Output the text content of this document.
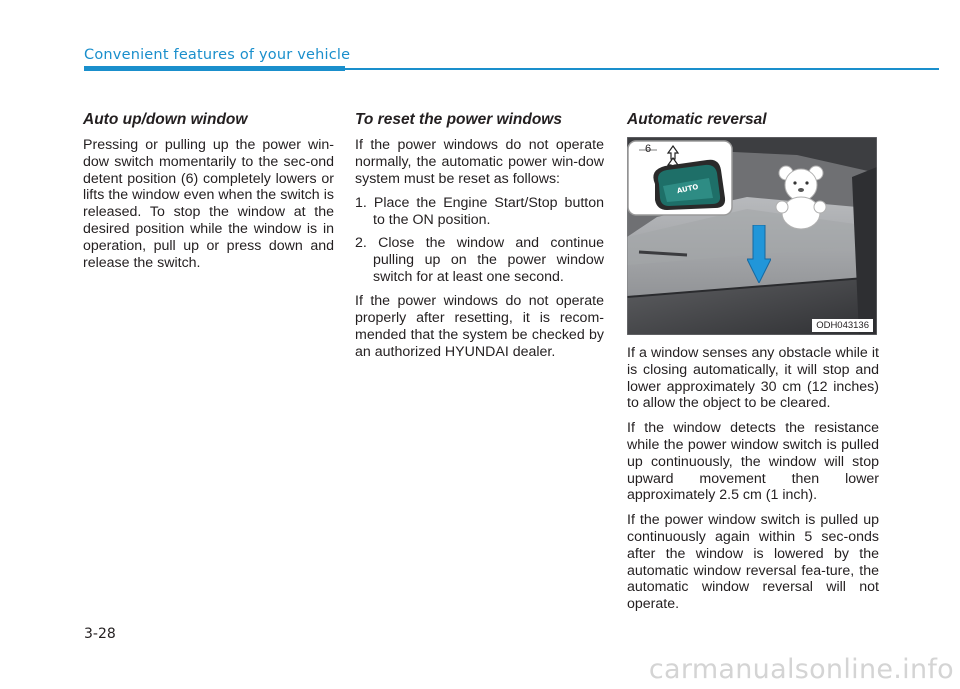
Convenient features of your vehicle
Auto up/down window

Pressing or pulling up the power win-dow switch momentarily to the sec-ond detent position (6) completely lowers or lifts the window even when the switch is released. To stop the window at the desired position while the window is in operation, pull up or press down and release the switch.

To reset the power windows

If the power windows do not operate normally, the automatic power win-dow system must be reset as follows:

1. Place the Engine Start/Stop button to the ON position.
2. Close the window and continue pulling up on the power window switch for at least one second.

If the power windows do not operate properly after resetting, it is recom-mended that the system be checked by an authorized HYUNDAI dealer.

Automatic reversal
AUTO
6
ODH043136

If a window senses any obstacle while it is closing automatically, it will stop and lower approximately 30 cm (12 inches) to allow the object to be cleared.

If the window detects the resistance while the power window switch is pulled up continuously, the window will stop upward movement then lower approximately 2.5 cm (1 inch).

If the power window switch is pulled up continuously again within 5 sec-onds after the window is lowered by the automatic window reversal fea-ture, the automatic window reversal will not operate.

3-28
carmanualsonline.info
